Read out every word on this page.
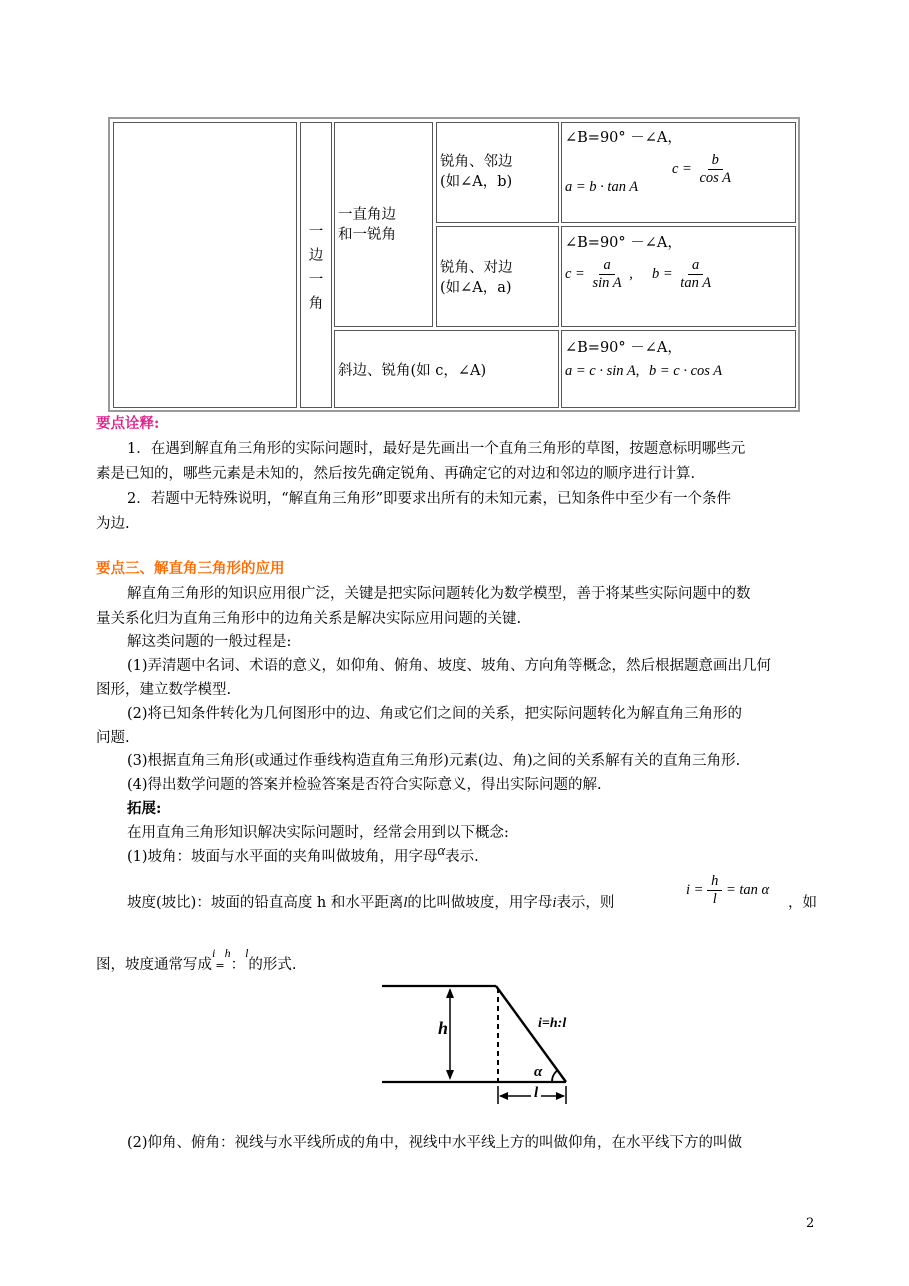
一
边
一
角
一直角边
和一锐角
锐角、邻边
(如∠A，b)
∠B=90° －∠A，
a = b · tan A
$c = \frac{b}{\text{cos A}}$
锐角、对边
(如∠A，a)
∠B=90° －∠A，
$c = \frac{a}{\text{sin A}}$ , $b = \frac{a}{\text{tan A}}$
斜边、锐角(如 c，∠A)
∠B=90° －∠A，
a = c · sin A, b = c · cos A
要点诠释:
1．在遇到解直角三角形的实际问题时，最好是先画出一个直角三角形的草图，按题意标明哪些元
素是已知的，哪些元素是未知的，然后按先确定锐角、再确定它的对边和邻边的顺序进行计算.
2．若题中无特殊说明，“解直角三角形”即要求出所有的未知元素，已知条件中至少有一个条件
为边.
要点三、解直角三角形的应用
解直角三角形的知识应用很广泛，关键是把实际问题转化为数学模型，善于将某些实际问题中的数
量关系化归为直角三角形中的边角关系是解决实际应用问题的关键.
解这类问题的一般过程是:
(1)弄清题中名词、术语的意义，如仰角、俯角、坡度、坡角、方向角等概念，然后根据题意画出几何
图形，建立数学模型.
(2)将已知条件转化为几何图形中的边、角或它们之间的关系，把实际问题转化为解直角三角形的
问题.
(3)根据直角三角形(或通过作垂线构造直角三角形)元素(边、角)之间的关系解有关的直角三角形.
(4)得出数学问题的答案并检验答案是否符合实际意义，得出实际问题的解.
拓展:
在用直角三角形知识解决实际问题时，经常会用到以下概念:
(1)坡角：坡面与水平面的夹角叫做坡角，用字母α表示.
坡度(坡比)：坡面的铅直高度 h 和水平距离l的比叫做坡度，用字母i表示，则
$i = \frac{h}{l} = \tan \alpha$
，如
图，坡度通常写成$^i$=$^h$：$^l$的形式.
h	i=h:l
α
l
(2)仰角、俯角：视线与水平线所成的角中，视线中水平线上方的叫做仰角，在水平线下方的叫做
2
